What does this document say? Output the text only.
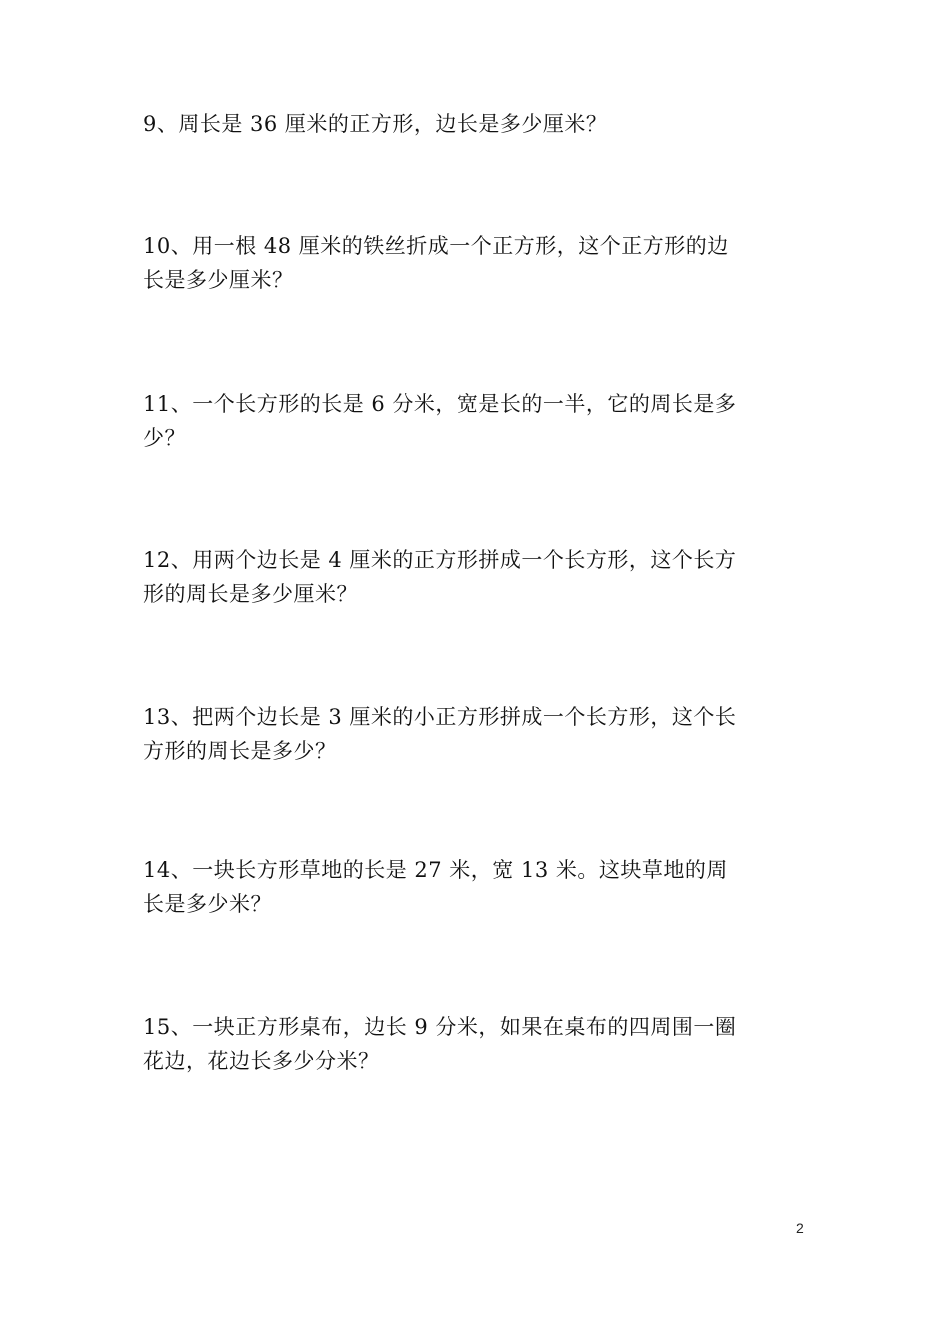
9、周长是 36 厘米的正方形，边长是多少厘米？
10、用一根 48 厘米的铁丝折成一个正方形，这个正方形的边
长是多少厘米？
11、一个长方形的长是 6 分米，宽是长的一半，它的周长是多
少？
12、用两个边长是 4 厘米的正方形拼成一个长方形，这个长方
形的周长是多少厘米？
13、把两个边长是 3 厘米的小正方形拼成一个长方形，这个长
方形的周长是多少？
14、一块长方形草地的长是 27 米，宽 13 米。这块草地的周
长是多少米？
15、一块正方形桌布，边长 9 分米，如果在桌布的四周围一圈
花边，花边长多少分米？
2
